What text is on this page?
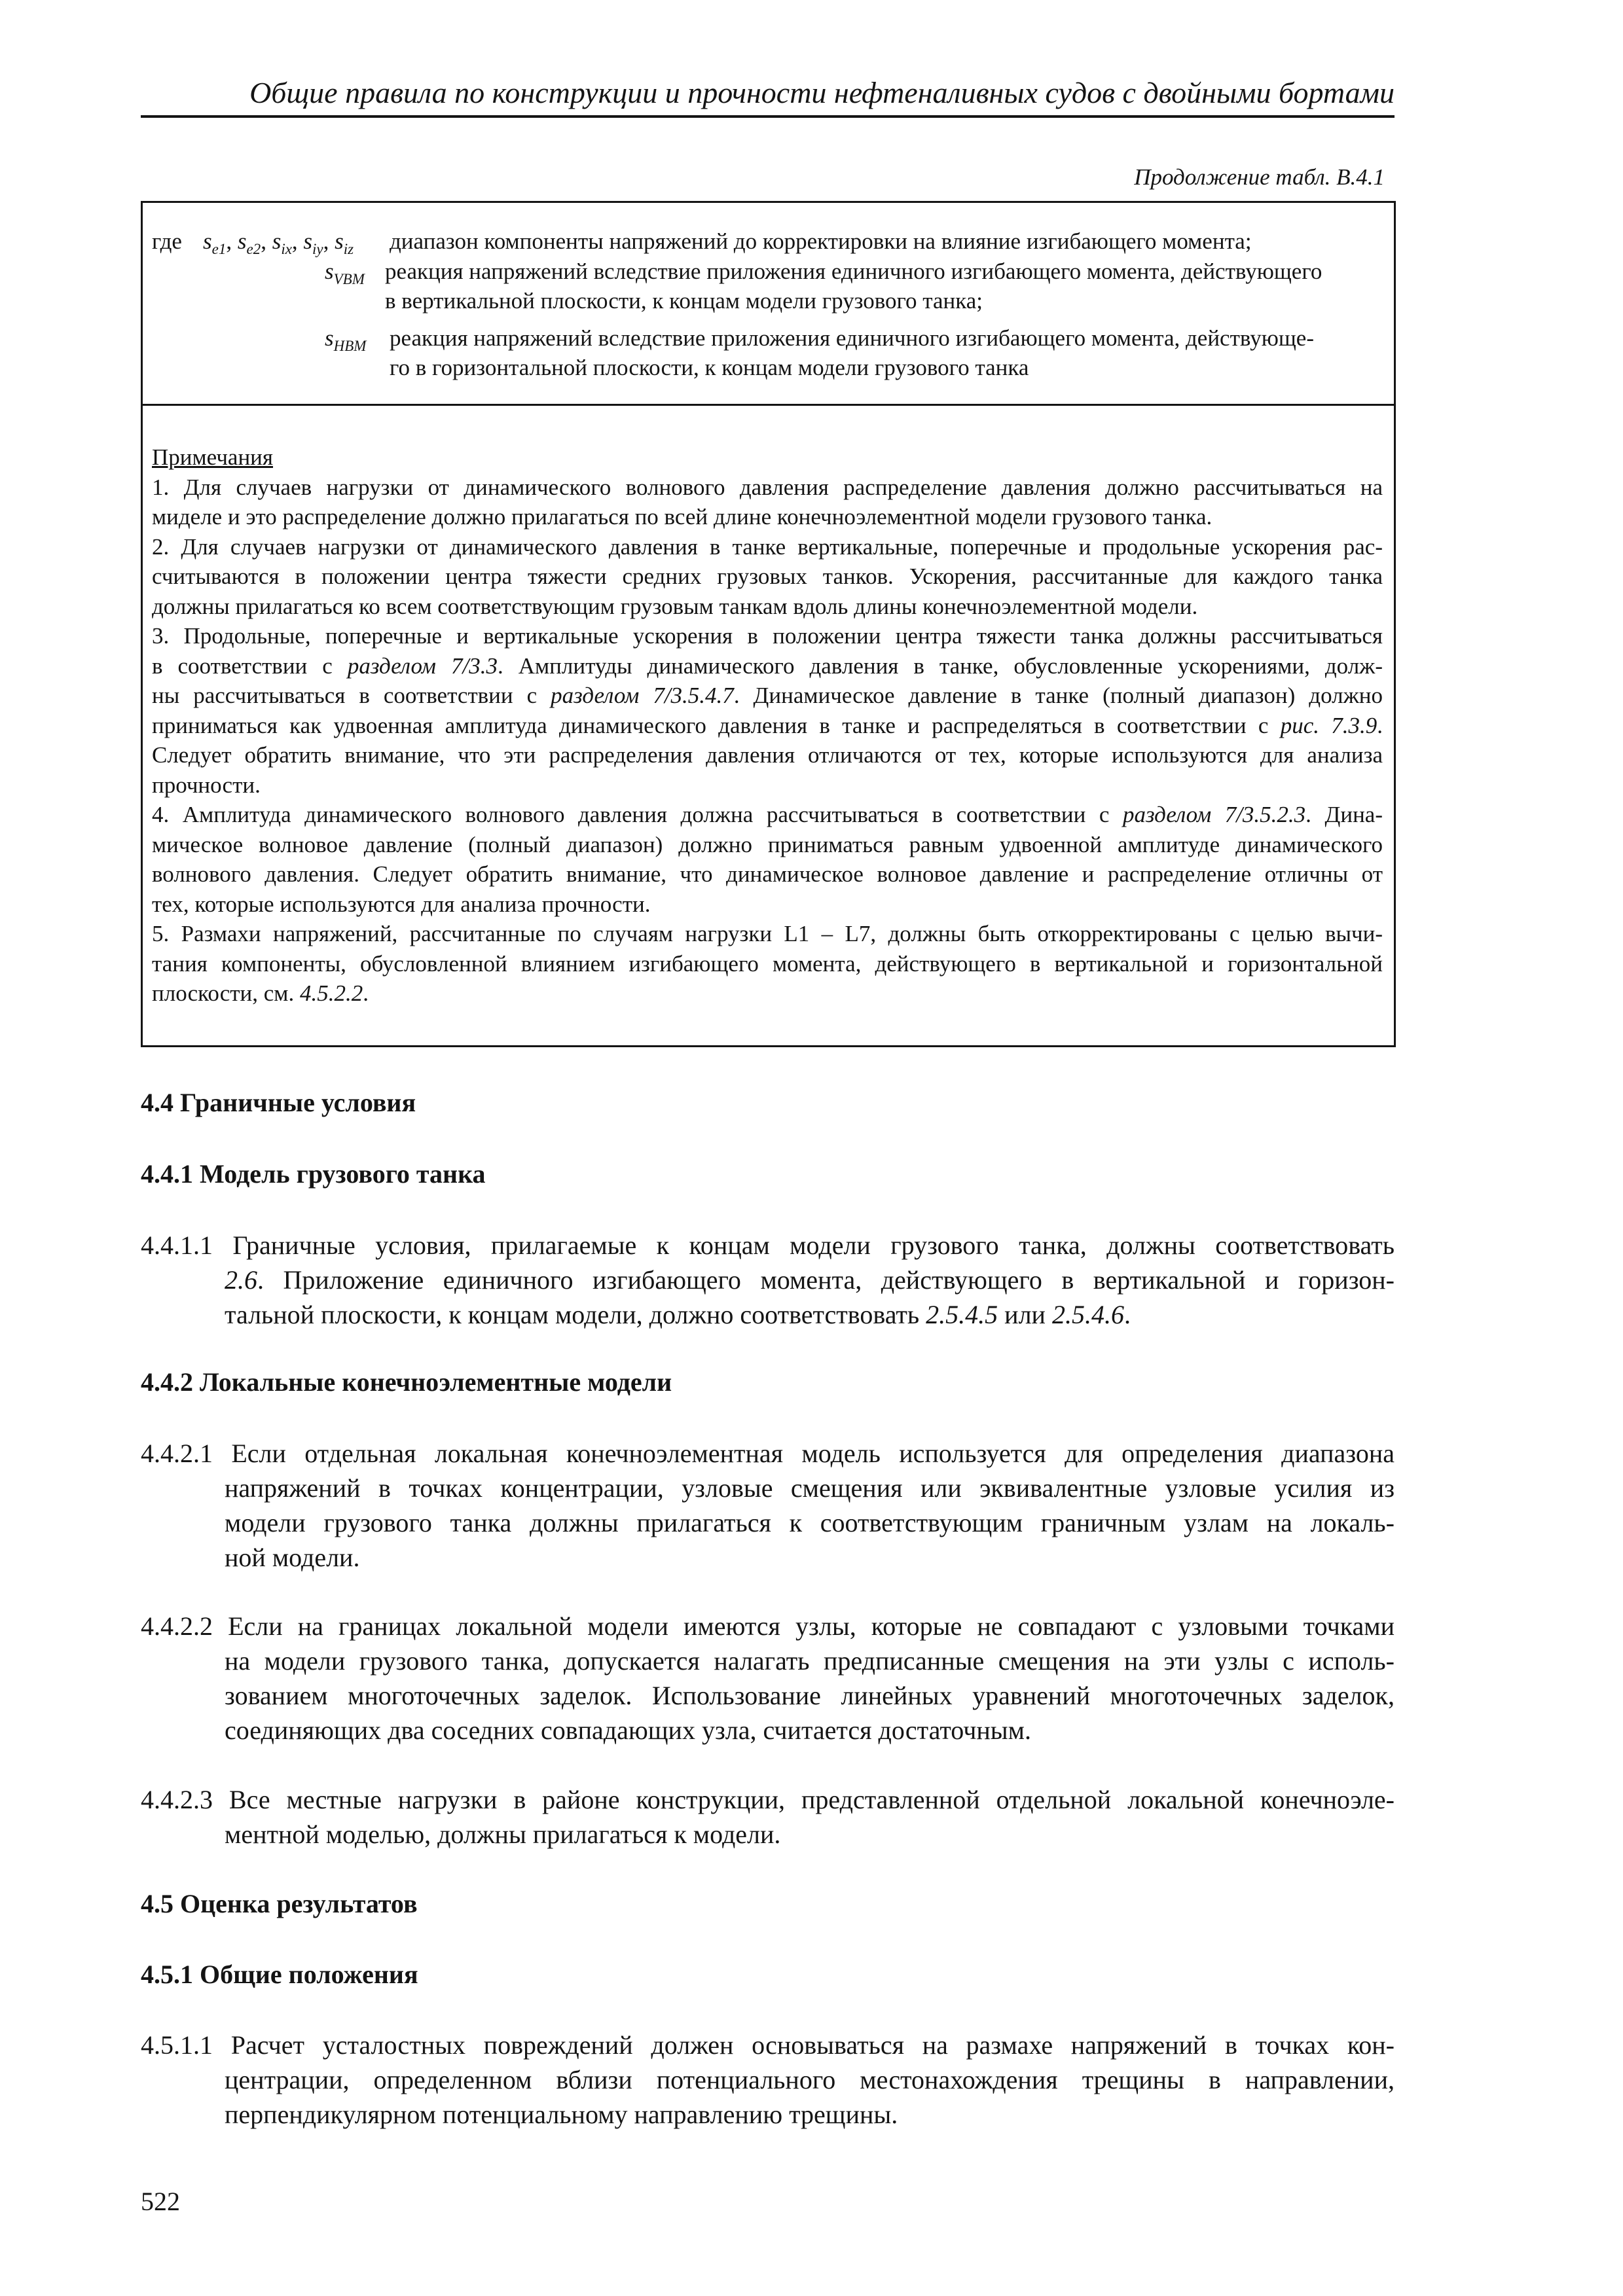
Общие правила по конструкции и прочности нефтеналивных судов с двойными бортами
Продолжение табл. B.4.1
где $s_{e1}$, $s_{e2}$, $s_{ix}$, $s_{iy}$, $s_{iz}$ диапазон компоненты напряжений до корректировки на влияние изгибающего момента;
$s_{VBM}$ реакция напряжений вследствие приложения единичного изгибающего момента, действующего
в вертикальной плоскости, к концам модели грузового танка;
$s_{HBM}$ реакция напряжений вследствие приложения единичного изгибающего момента, действующе-
го в горизонтальной плоскости, к концам модели грузового танка
Примечания
1. Для случаев нагрузки от динамического волнового давления распределение давления должно рассчитываться на
миделе и это распределение должно прилагаться по всей длине конечноэлементной модели грузового танка.
2. Для случаев нагрузки от динамического давления в танке вертикальные, поперечные и продольные ускорения рас-
считываются в положении центра тяжести средних грузовых танков. Ускорения, рассчитанные для каждого танка
должны прилагаться ко всем соответствующим грузовым танкам вдоль длины конечноэлементной модели.
3. Продольные, поперечные и вертикальные ускорения в положении центра тяжести танка должны рассчитываться
в соответствии с разделом 7/3.3. Амплитуды динамического давления в танке, обусловленные ускорениями, долж-
ны рассчитываться в соответствии с разделом 7/3.5.4.7. Динамическое давление в танке (полный диапазон) должно
приниматься как удвоенная амплитуда динамического давления в танке и распределяться в соответствии с рис. 7.3.9.
Следует обратить внимание, что эти распределения давления отличаются от тех, которые используются для анализа
прочности.
4. Амплитуда динамического волнового давления должна рассчитываться в соответствии с разделом 7/3.5.2.3. Дина-
мическое волновое давление (полный диапазон) должно приниматься равным удвоенной амплитуде динамического
волнового давления. Следует обратить внимание, что динамическое волновое давление и распределение отличны от
тех, которые используются для анализа прочности.
5. Размахи напряжений, рассчитанные по случаям нагрузки L1 – L7, должны быть откорректированы с целью вычи-
тания компоненты, обусловленной влиянием изгибающего момента, действующего в вертикальной и горизонтальной
плоскости, см. 4.5.2.2.
4.4 Граничные условия
4.4.1 Модель грузового танка
4.4.1.1 Граничные условия, прилагаемые к концам модели грузового танка, должны соответствовать
2.6. Приложение единичного изгибающего момента, действующего в вертикальной и горизон-
тальной плоскости, к концам модели, должно соответствовать 2.5.4.5 или 2.5.4.6.
4.4.2 Локальные конечноэлементные модели
4.4.2.1 Если отдельная локальная конечноэлементная модель используется для определения диапазона
напряжений в точках концентрации, узловые смещения или эквивалентные узловые усилия из
модели грузового танка должны прилагаться к соответствующим граничным узлам на локаль-
ной модели.
4.4.2.2 Если на границах локальной модели имеются узлы, которые не совпадают с узловыми точками
на модели грузового танка, допускается налагать предписанные смещения на эти узлы с исполь-
зованием многоточечных заделок. Использование линейных уравнений многоточечных заделок,
соединяющих два соседних совпадающих узла, считается достаточным.
4.4.2.3 Все местные нагрузки в районе конструкции, представленной отдельной локальной конечноэле-
ментной моделью, должны прилагаться к модели.
4.5 Оценка результатов
4.5.1 Общие положения
4.5.1.1 Расчет усталостных повреждений должен основываться на размахе напряжений в точках кон-
центрации, определенном вблизи потенциального местонахождения трещины в направлении,
перпендикулярном потенциальному направлению трещины.
522
